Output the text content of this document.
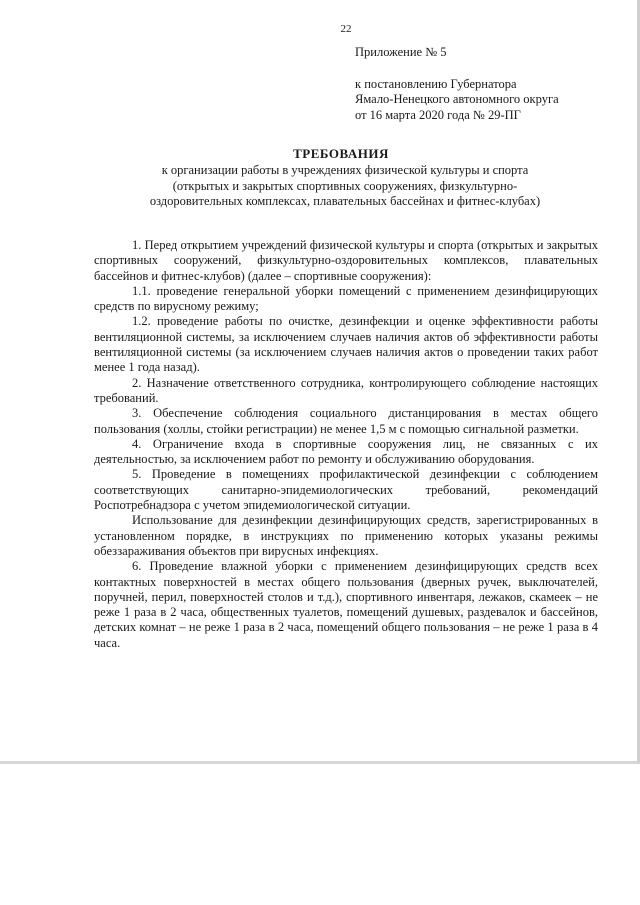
22
Приложение № 5
к постановлению Губернатора
Ямало-Ненецкого автономного округа
от 16 марта 2020 года № 29-ПГ
ТРЕБОВАНИЯ
к организации работы в учреждениях физической культуры и спорта
(открытых и закрытых спортивных сооружениях, физкультурно-
оздоровительных комплексах, плавательных бассейнах и фитнес-клубах)

1. Перед открытием учреждений физической культуры и спорта (открытых и закрытых спортивных сооружений, физкультурно-оздоровительных комплексов, плавательных бассейнов и фитнес-клубов) (далее – спортивные сооружения):

1.1. проведение генеральной уборки помещений с применением дезинфицирующих средств по вирусному режиму;

1.2. проведение работы по очистке, дезинфекции и оценке эффективности работы вентиляционной системы, за исключением случаев наличия актов об эффективности работы вентиляционной системы (за исключением случаев наличия актов о проведении таких работ менее 1 года назад).

2. Назначение ответственного сотрудника, контролирующего соблюдение настоящих требований.

3. Обеспечение соблюдения социального дистанцирования в местах общего пользования (холлы, стойки регистрации) не менее 1,5 м с помощью сигнальной разметки.

4. Ограничение входа в спортивные сооружения лиц, не связанных с их деятельностью, за исключением работ по ремонту и обслуживанию оборудования.

5. Проведение в помещениях профилактической дезинфекции с соблюдением соответствующих санитарно-эпидемиологических требований, рекомендаций Роспотребнадзора с учетом эпидемиологической ситуации.

Использование для дезинфекции дезинфицирующих средств, зарегистрированных в установленном порядке, в инструкциях по применению которых указаны режимы обеззараживания объектов при вирусных инфекциях.

6. Проведение влажной уборки с применением дезинфицирующих средств всех контактных поверхностей в местах общего пользования (дверных ручек, выключателей, поручней, перил, поверхностей столов и т.д.), спортивного инвентаря, лежаков, скамеек – не реже 1 раза в 2 часа, общественных туалетов, помещений душевых, раздевалок и бассейнов, детских комнат – не реже 1 раза в 2 часа, помещений общего пользования – не реже 1 раза в 4 часа.
